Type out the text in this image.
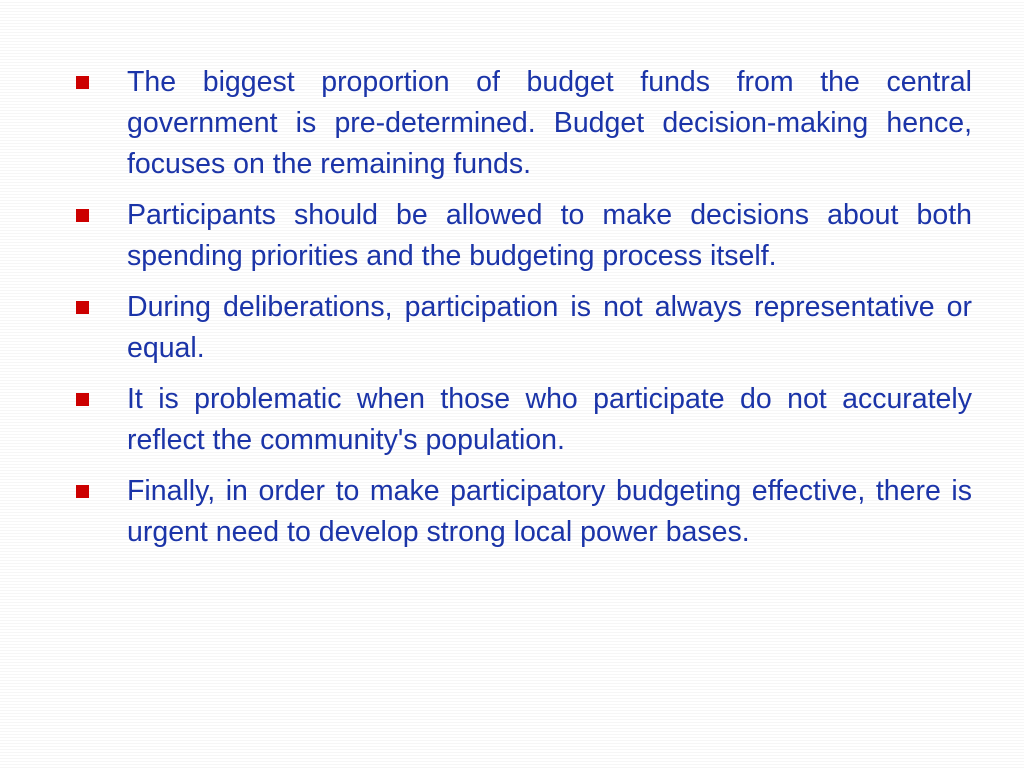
The biggest proportion of budget funds from the central government is pre-determined. Budget decision-making hence, focuses on the remaining funds.
Participants should be allowed to make decisions about both spending priorities and the budgeting process itself.
During deliberations, participation is not always representative or equal.
It is problematic when those who participate do not accurately reflect the community's population.
Finally, in order to make participatory budgeting effective, there is urgent need to develop strong local power bases.
